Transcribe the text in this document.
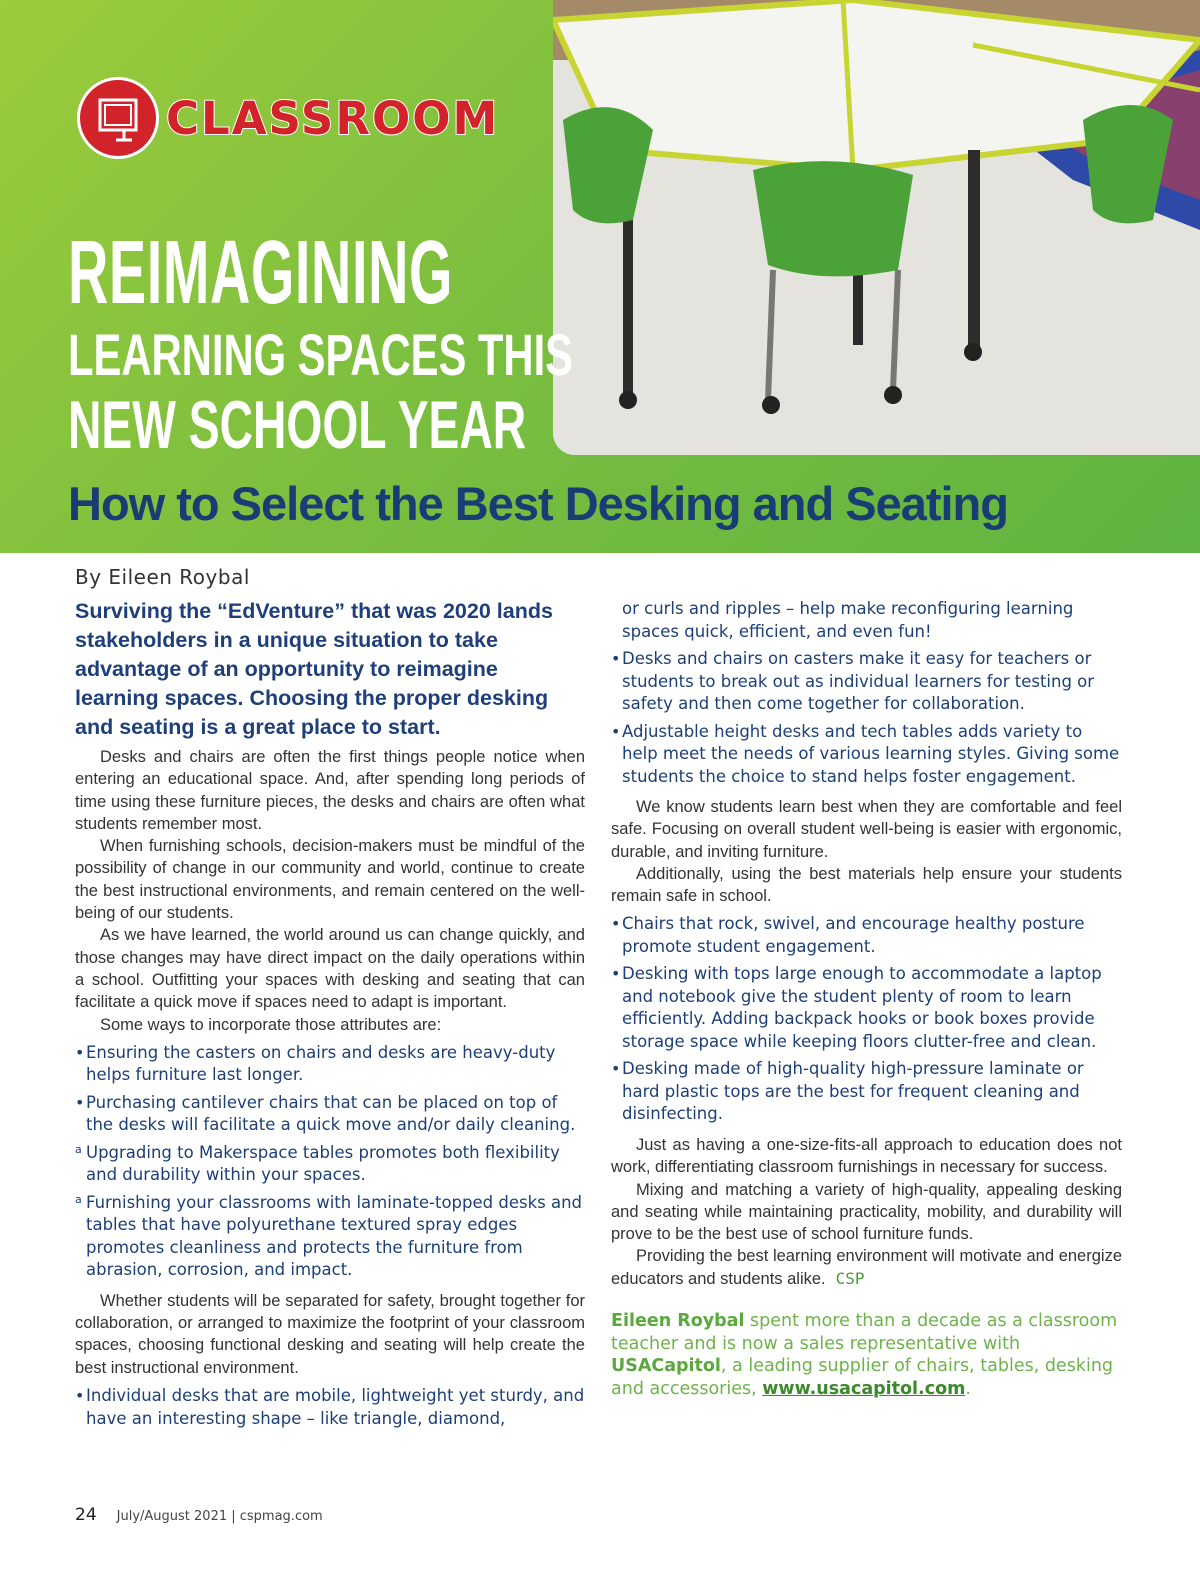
CLASSROOM
REIMAGINING
LEARNING SPACES THIS
NEW SCHOOL YEAR
How to Select the Best Desking and Seating
By Eileen Roybal
Surviving the “EdVenture” that was 2020 lands stakeholders in a unique situation to take advantage of an opportunity to reimagine learning spaces. Choosing the proper desking and seating is a great place to start.

Desks and chairs are often the first things people notice when entering an educational space. And, after spending long periods of time using these furniture pieces, the desks and chairs are often what students remember most.

When furnishing schools, decision-makers must be mindful of the possibility of change in our community and world, continue to create the best instructional environments, and remain centered on the well-being of our students.

As we have learned, the world around us can change quickly, and those changes may have direct impact on the daily operations within a school. Outfitting your spaces with desking and seating that can facilitate a quick move if spaces need to adapt is important.

Some ways to incorporate those attributes are:

• Ensuring the casters on chairs and desks are heavy-duty helps furniture last longer.
• Purchasing cantilever chairs that can be placed on top of the desks will facilitate a quick move and/or daily cleaning.
a Upgrading to Makerspace tables promotes both flexibility and durability within your spaces.
a Furnishing your classrooms with laminate-topped desks and tables that have polyurethane textured spray edges promotes cleanliness and protects the furniture from abrasion, corrosion, and impact.

Whether students will be separated for safety, brought together for collaboration, or arranged to maximize the footprint of your classroom spaces, choosing functional desking and seating will help create the best instructional environment.

• Individual desks that are mobile, lightweight yet sturdy, and have an interesting shape – like triangle, diamond,
or curls and ripples – help make reconfiguring learning spaces quick, efficient, and even fun!
• Desks and chairs on casters make it easy for teachers or students to break out as individual learners for testing or safety and then come together for collaboration.
• Adjustable height desks and tech tables adds variety to help meet the needs of various learning styles. Giving some students the choice to stand helps foster engagement.

We know students learn best when they are comfortable and feel safe. Focusing on overall student well-being is easier with ergonomic, durable, and inviting furniture.

Additionally, using the best materials help ensure your students remain safe in school.

• Chairs that rock, swivel, and encourage healthy posture promote student engagement.
• Desking with tops large enough to accommodate a laptop and notebook give the student plenty of room to learn efficiently. Adding backpack hooks or book boxes provide storage space while keeping floors clutter-free and clean.
• Desking made of high-quality high-pressure laminate or hard plastic tops are the best for frequent cleaning and disinfecting.

Just as having a one-size-fits-all approach to education does not work, differentiating classroom furnishings in necessary for success.

Mixing and matching a variety of high-quality, appealing desking and seating while maintaining practicality, mobility, and durability will prove to be the best use of school furniture funds.

Providing the best learning environment will motivate and energize educators and students alike. CSP

Eileen Roybal spent more than a decade as a classroom teacher and is now a sales representative with USACapitol, a leading supplier of chairs, tables, desking and accessories, www.usacapitol.com.
24 July/August 2021 | cspmag.com
